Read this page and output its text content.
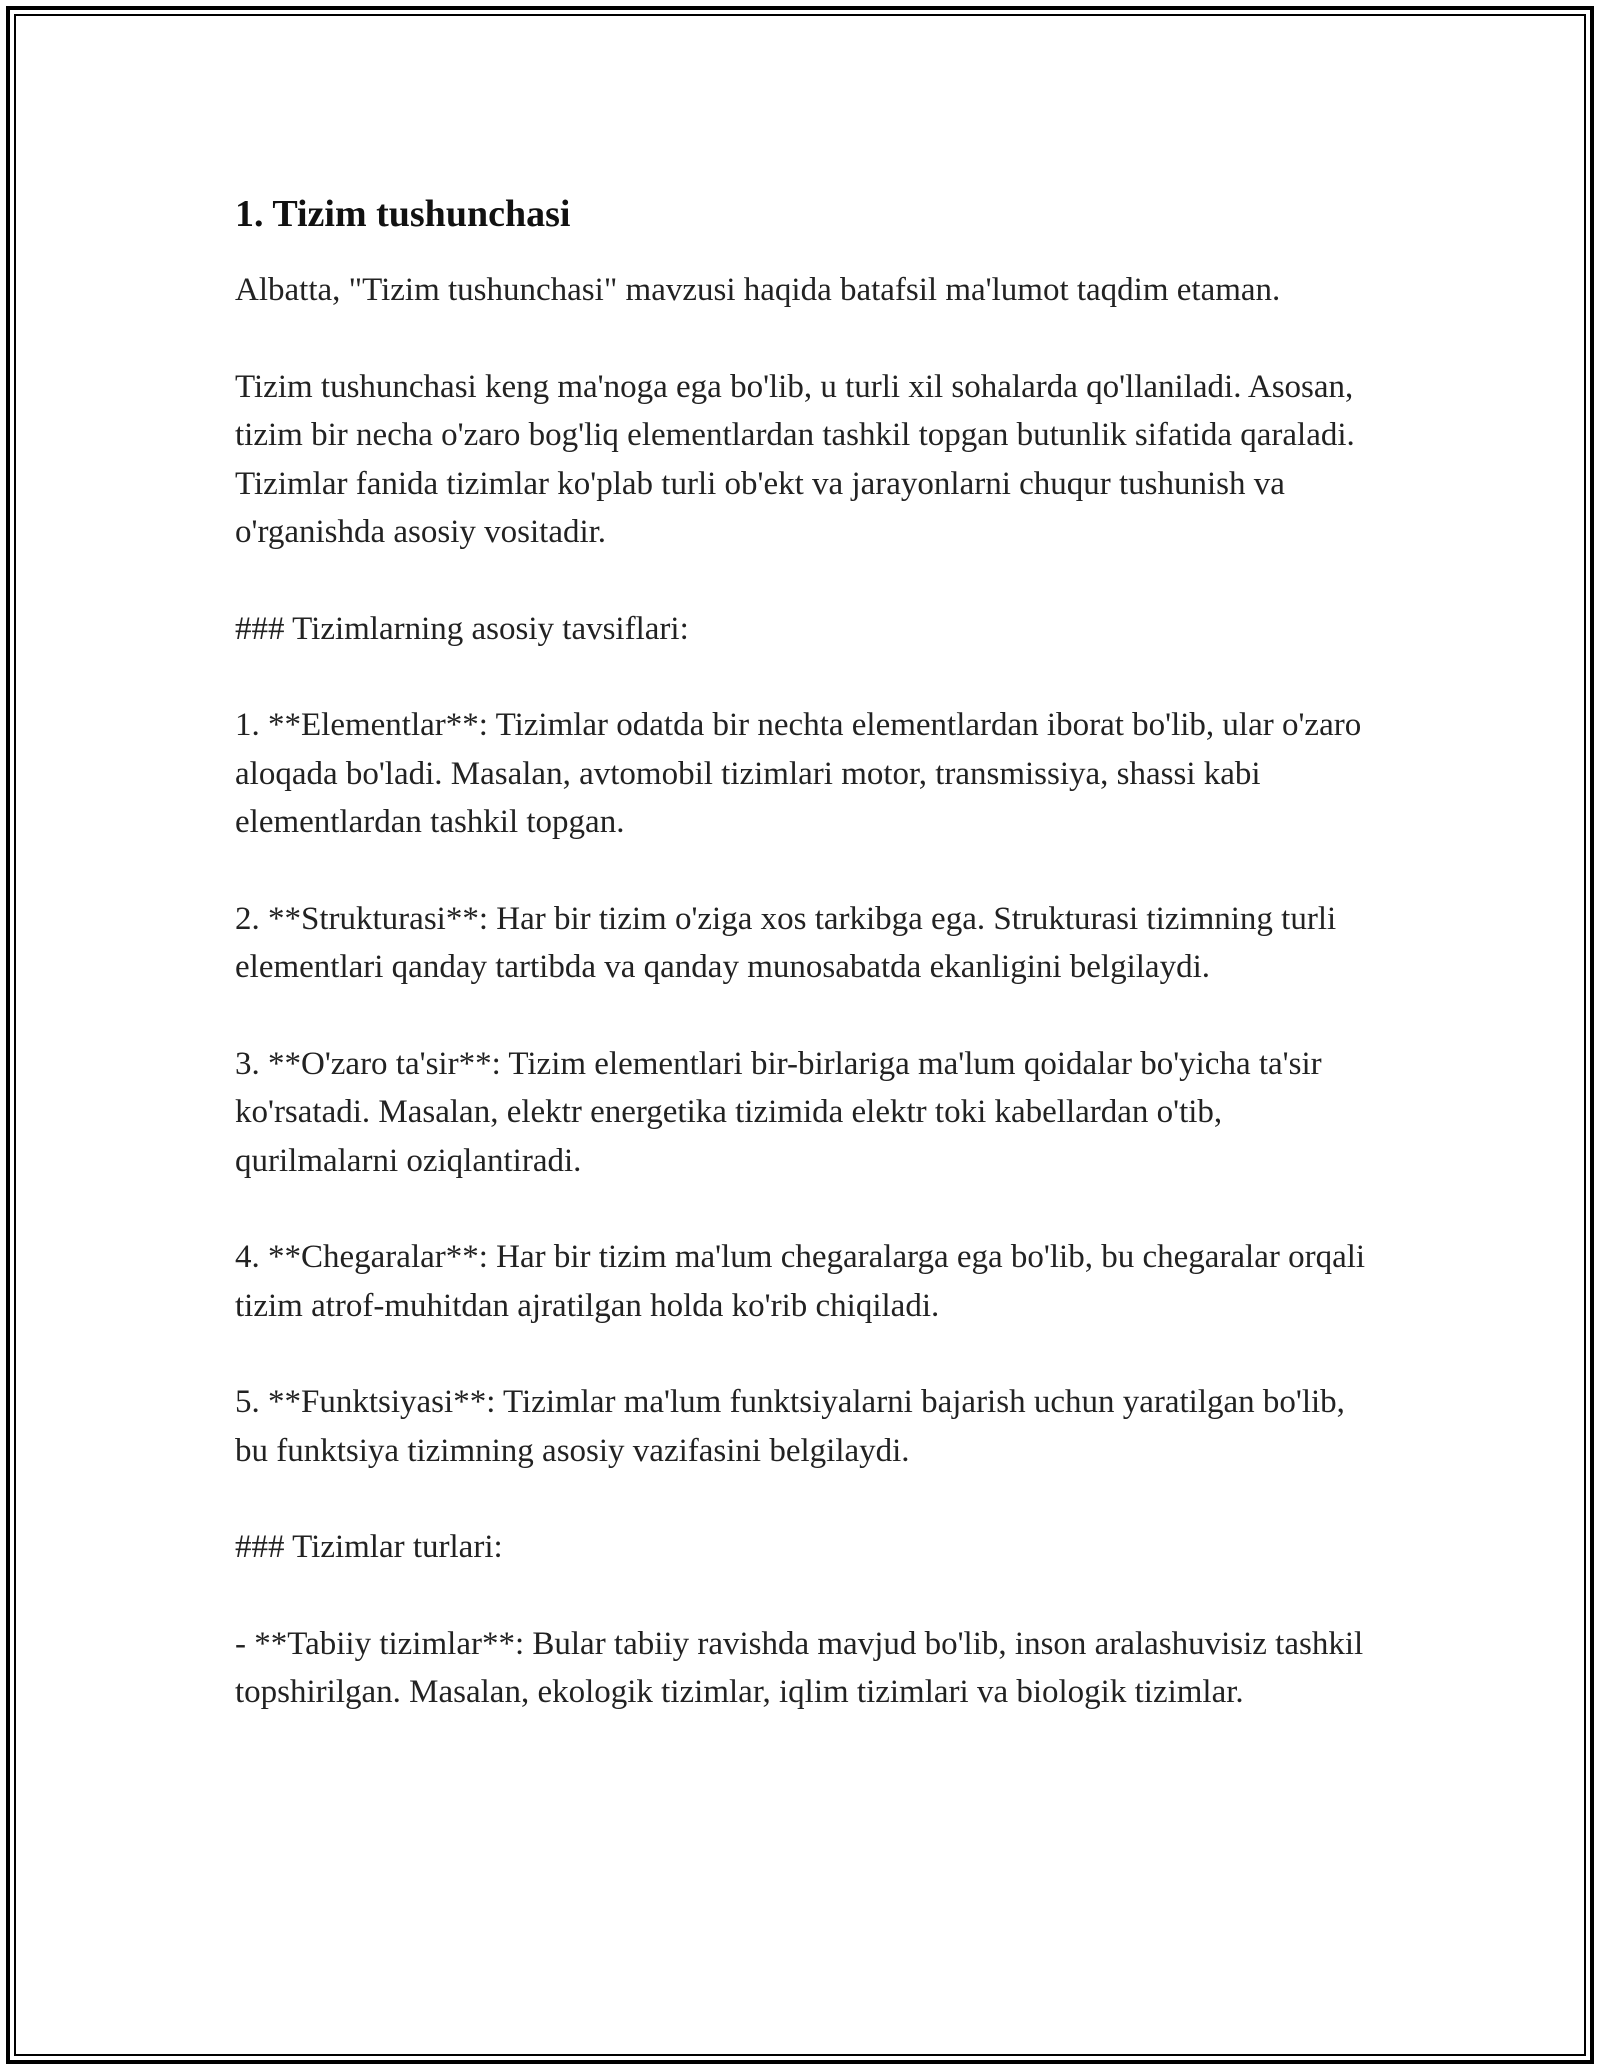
1. Tizim tushunchasi

Albatta, "Tizim tushunchasi" mavzusi haqida batafsil ma'lumot taqdim etaman.

Tizim tushunchasi keng ma'noga ega bo'lib, u turli xil sohalarda qo'llaniladi. Asosan, tizim bir necha o'zaro bog'liq elementlardan tashkil topgan butunlik sifatida qaraladi. Tizimlar fanida tizimlar ko'plab turli ob'ekt va jarayonlarni chuqur tushunish va o'rganishda asosiy vositadir.

### Tizimlarning asosiy tavsiflari:

1. **Elementlar**: Tizimlar odatda bir nechta elementlardan iborat bo'lib, ular o'zaro aloqada bo'ladi. Masalan, avtomobil tizimlari motor, transmissiya, shassi kabi elementlardan tashkil topgan.

2. **Strukturasi**: Har bir tizim o'ziga xos tarkibga ega. Strukturasi tizimning turli elementlari qanday tartibda va qanday munosabatda ekanligini belgilaydi.

3. **O'zaro ta'sir**: Tizim elementlari bir-birlariga ma'lum qoidalar bo'yicha ta'sir ko'rsatadi. Masalan, elektr energetika tizimida elektr toki kabellardan o'tib, qurilmalarni oziqlantiradi.

4. **Chegaralar**: Har bir tizim ma'lum chegaralarga ega bo'lib, bu chegaralar orqali tizim atrof-muhitdan ajratilgan holda ko'rib chiqiladi.

5. **Funktsiyasi**: Tizimlar ma'lum funktsiyalarni bajarish uchun yaratilgan bo'lib, bu funktsiya tizimning asosiy vazifasini belgilaydi.

### Tizimlar turlari:

- **Tabiiy tizimlar**: Bular tabiiy ravishda mavjud bo'lib, inson aralashuvisiz tashkil topshirilgan. Masalan, ekologik tizimlar, iqlim tizimlari va biologik tizimlar.
